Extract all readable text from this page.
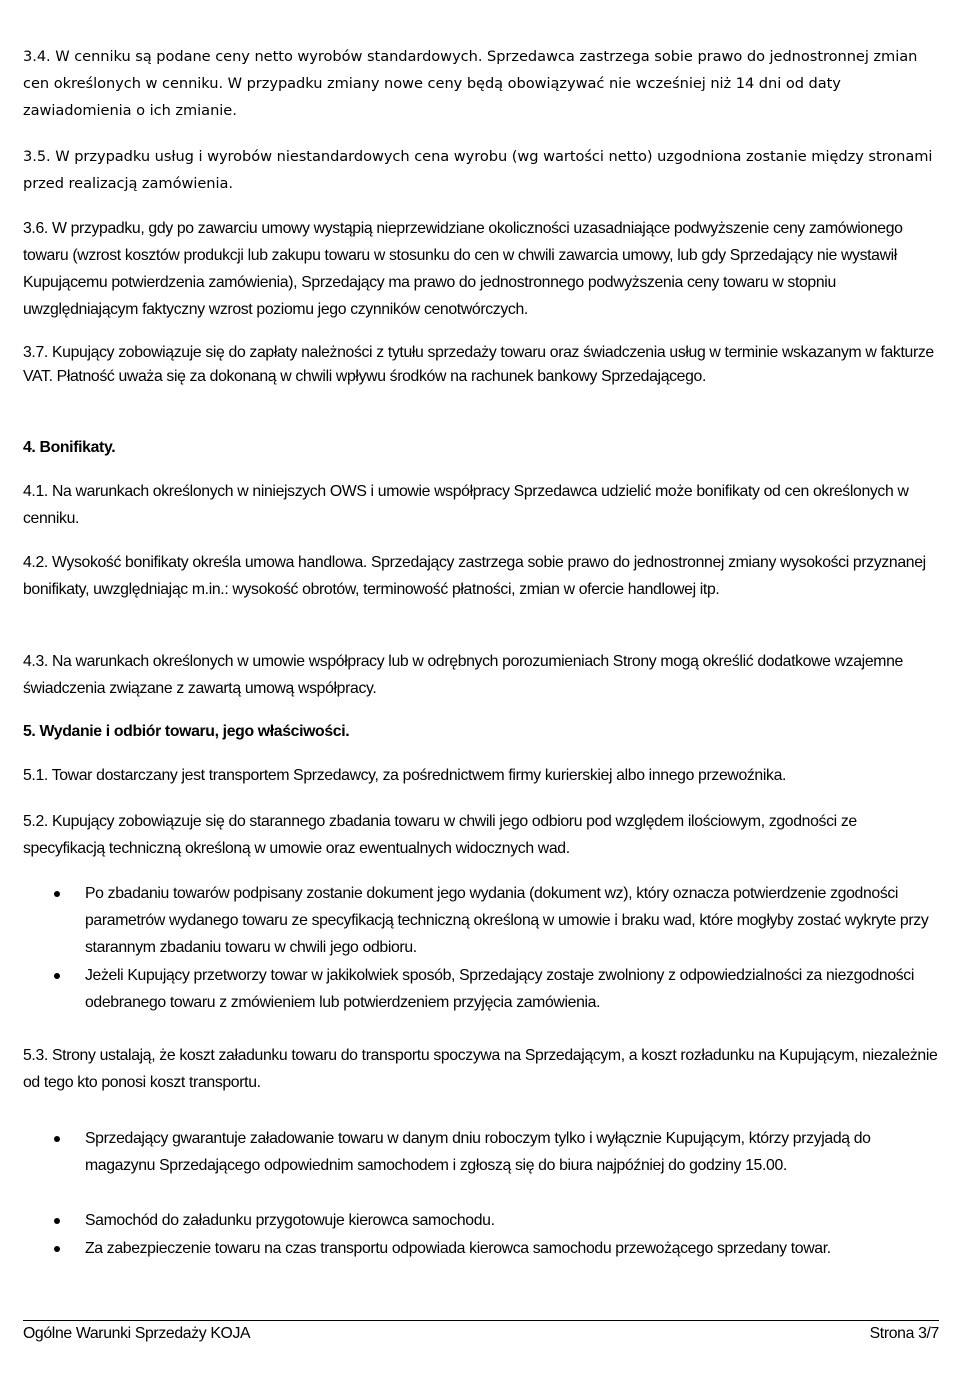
3.4. W cenniku są podane ceny netto wyrobów standardowych. Sprzedawca zastrzega sobie prawo do jednostronnej zmian cen określonych w cenniku. W przypadku zmiany nowe ceny będą obowiązywać nie wcześniej niż 14 dni od daty zawiadomienia o ich zmianie.

3.5. W przypadku usług i wyrobów niestandardowych cena wyrobu (wg wartości netto) uzgodniona zostanie między stronami przed realizacją zamówienia.

3.6. W przypadku, gdy po zawarciu umowy wystąpią nieprzewidziane okoliczności uzasadniające podwyższenie ceny zamówionego towaru (wzrost kosztów produkcji lub zakupu towaru w stosunku do cen w chwili zawarcia umowy, lub gdy Sprzedający nie wystawił Kupującemu potwierdzenia zamówienia), Sprzedający ma prawo do jednostronnego podwyższenia ceny towaru w stopniu uwzględniającym faktyczny wzrost poziomu jego czynników cenotwórczych.

3.7. Kupujący zobowiązuje się do zapłaty należności z tytułu sprzedaży towaru oraz świadczenia usług w terminie wskazanym w fakturze VAT. Płatność uważa się za dokonaną w chwili wpływu środków na rachunek bankowy Sprzedającego.

4. Bonifikaty.

4.1. Na warunkach określonych w niniejszych OWS i umowie współpracy Sprzedawca udzielić może bonifikaty od cen określonych w cenniku.

4.2. Wysokość bonifikaty określa umowa handlowa. Sprzedający zastrzega sobie prawo do jednostronnej zmiany wysokości przyznanej bonifikaty, uwzględniając m.in.: wysokość obrotów, terminowość płatności, zmian w ofercie handlowej itp.

4.3. Na warunkach określonych w umowie współpracy lub w odrębnych porozumieniach Strony mogą określić dodatkowe wzajemne świadczenia związane z zawartą umową współpracy.

5. Wydanie i odbiór towaru, jego właściwości.

5.1. Towar dostarczany jest transportem Sprzedawcy, za pośrednictwem firmy kurierskiej albo innego przewoźnika.

5.2. Kupujący zobowiązuje się do starannego zbadania towaru w chwili jego odbioru pod względem ilościowym, zgodności ze specyfikacją techniczną określoną w umowie oraz ewentualnych widocznych wad.

Po zbadaniu towarów podpisany zostanie dokument jego wydania (dokument wz), który oznacza potwierdzenie zgodności parametrów wydanego towaru ze specyfikacją techniczną określoną w umowie i braku wad, które mogłyby zostać wykryte przy starannym zbadaniu towaru w chwili jego odbioru.
Jeżeli Kupujący przetworzy towar w jakikolwiek sposób, Sprzedający zostaje zwolniony z odpowiedzialności za niezgodności odebranego towaru z zmówieniem lub potwierdzeniem przyjęcia zamówienia.

5.3. Strony ustalają, że koszt załadunku towaru do transportu spoczywa na Sprzedającym, a koszt rozładunku na Kupującym, niezależnie od tego kto ponosi koszt transportu.

Sprzedający gwarantuje załadowanie towaru w danym dniu roboczym tylko i wyłącznie Kupującym, którzy przyjadą do magazynu Sprzedającego odpowiednim samochodem i zgłoszą się do biura najpóźniej do godziny 15.00.
Samochód do załadunku przygotowuje kierowca samochodu.
Za zabezpieczenie towaru na czas transportu odpowiada kierowca samochodu przewożącego sprzedany towar.
Ogólne Warunki Sprzedaży KOJA	Strona 3/7
